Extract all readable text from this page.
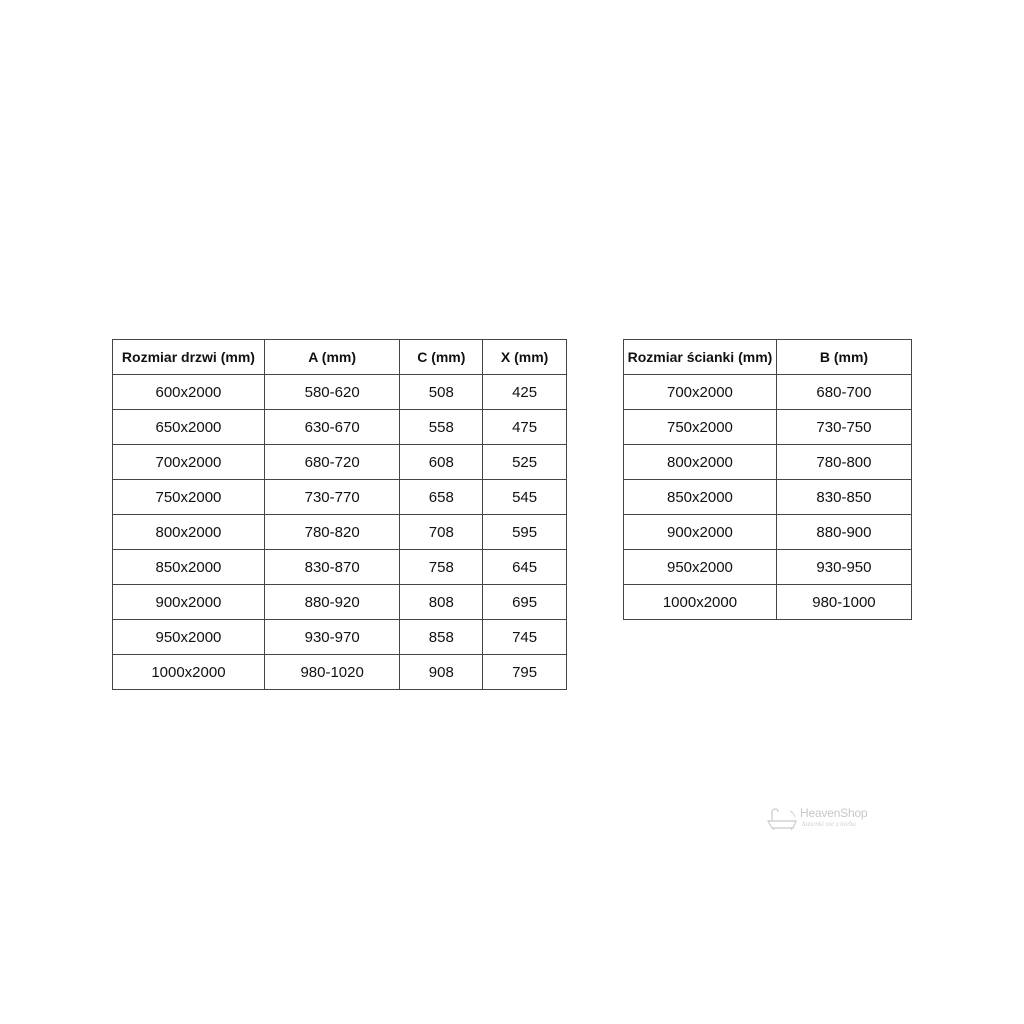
Rozmiar drzwi (mm)	A (mm)	C (mm)	X (mm)
600x2000	580-620	508	425
650x2000	630-670	558	475
700x2000	680-720	608	525
750x2000	730-770	658	545
800x2000	780-820	708	595
850x2000	830-870	758	645
900x2000	880-920	808	695
950x2000	930-970	858	745
1000x2000	980-1020	908	795
Rozmiar ścianki (mm)	B (mm)
700x2000	680-700
750x2000	730-750
800x2000	780-800
850x2000	830-850
900x2000	880-900
950x2000	930-950
1000x2000	980-1000
HeavenShop
łazienki nie z nieba
